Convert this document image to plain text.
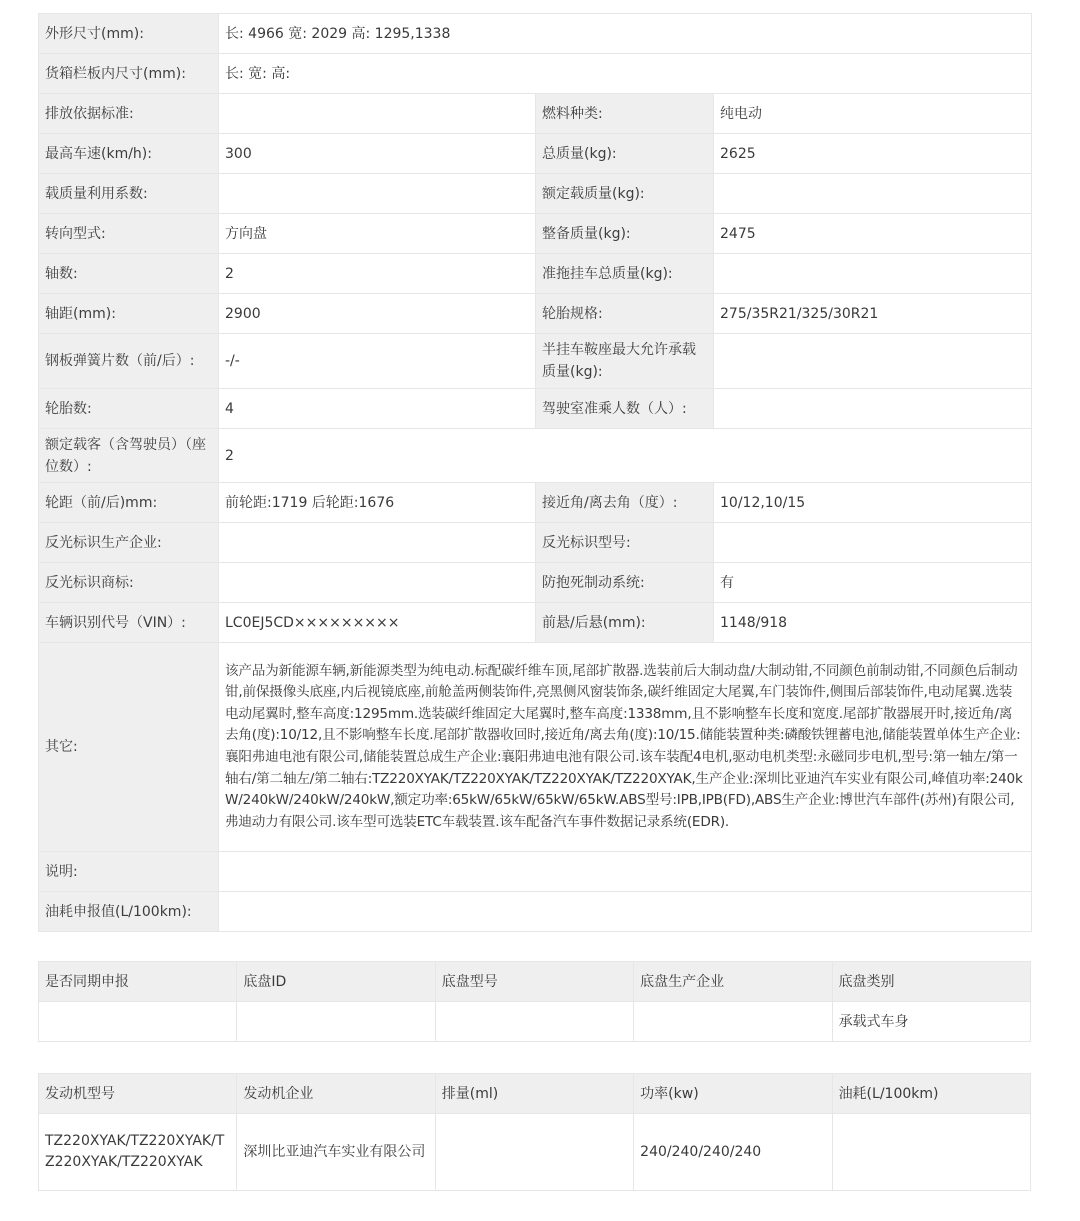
外形尺寸(mm):	长: 4966 宽: 2029 高: 1295,1338		
货箱栏板内尺寸(mm):	长: 宽: 高:		
排放依据标准:		燃料种类:	纯电动
最高车速(km/h):	300	总质量(kg):	2625
载质量利用系数:		额定载质量(kg):	
转向型式:	方向盘	整备质量(kg):	2475
轴数:	2	准拖挂车总质量(kg):	
轴距(mm):	2900	轮胎规格:	275/35R21/325/30R21
钢板弹簧片数（前/后）:	-/-	半挂车鞍座最大允许承载质量(kg):	
轮胎数:	4	驾驶室准乘人数（人）:	
额定载客（含驾驶员）（座位数）:	2		
轮距（前/后)mm:	前轮距:1719 后轮距:1676	接近角/离去角（度）:	10/12,10/15
反光标识生产企业:		反光标识型号:	
反光标识商标:		防抱死制动系统:	有
车辆识别代号（VIN）:	LC0EJ5CD×××××××××	前悬/后悬(mm):	1148/918
其它:	该产品为新能源车辆,新能源类型为纯电动.标配碳纤维车顶,尾部扩散器.选装前后大制动盘/大制动钳,不同颜色前制动钳,不同颜色后制动钳,前保摄像头底座,内后视镜底座,前舱盖两侧装饰件,亮黑侧风窗装饰条,碳纤维固定大尾翼,车门装饰件,侧围后部装饰件,电动尾翼.选装电动尾翼时,整车高度:1295mm.选装碳纤维固定大尾翼时,整车高度:1338mm,且不影响整车长度和宽度.尾部扩散器展开时,接近角/离去角(度):10/12,且不影响整车长度.尾部扩散器收回时,接近角/离去角(度):10/15.储能装置种类:磷酸铁锂蓄电池,储能装置单体生产企业:襄阳弗迪电池有限公司,储能装置总成生产企业:襄阳弗迪电池有限公司.该车装配4电机,驱动电机类型:永磁同步电机,型号:第一轴左/第一轴右/第二轴左/第二轴右:TZ220XYAK/TZ220XYAK/TZ220XYAK/TZ220XYAK,生产企业:深圳比亚迪汽车实业有限公司,峰值功率:240kW/240kW/240kW/240kW,额定功率:65kW/65kW/65kW/65kW.ABS型号:IPB,IPB(FD),ABS生产企业:博世汽车部件(苏州)有限公司,弗迪动力有限公司.该车型可选装ETC车载装置.该车配备汽车事件数据记录系统(EDR).		
说明:			
油耗申报值(L/100km):			
是否同期申报	底盘ID	底盘型号	底盘生产企业	底盘类别
				承载式车身
发动机型号	发动机企业	排量(ml)	功率(kw)	油耗(L/100km)
TZ220XYAK/TZ220XYAK/TZ220XYAK/TZ220XYAK	深圳比亚迪汽车实业有限公司		240/240/240/240	
